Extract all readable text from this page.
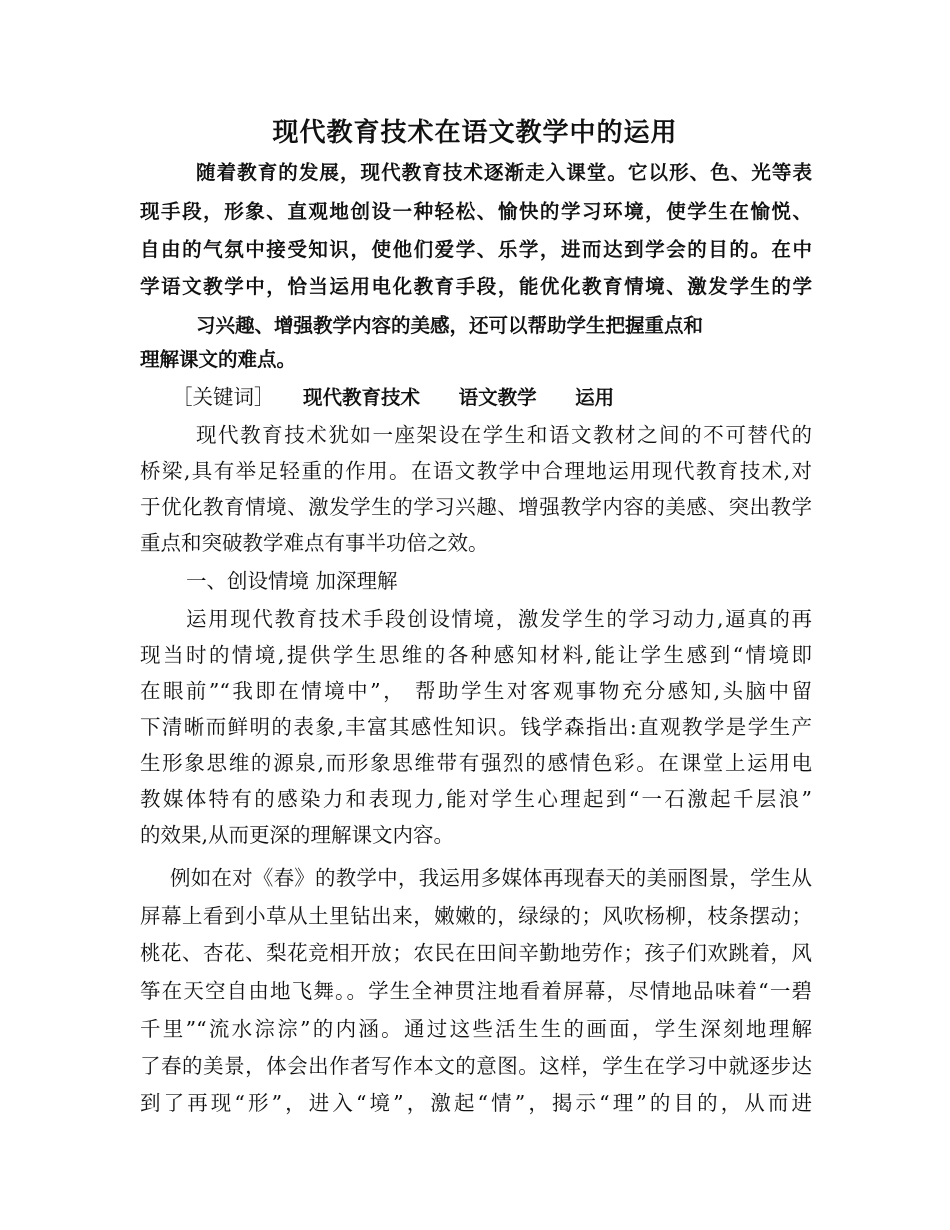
现代教育技术在语文教学中的运用
随着教育的发展，现代教育技术逐渐走入课堂。它以形、色、光等表
现手段，形象、直观地创设一种轻松、愉快的学习环境，使学生在愉悦、
自由的气氛中接受知识，使他们爱学、乐学，进而达到学会的目的。在中
学语文教学中，恰当运用电化教育手段，能优化教育情境、激发学生的学
习兴趣、增强教学内容的美感，还可以帮助学生把握重点和
理解课文的难点。
［关键词］ 现代教育技术 语文教学 运用
现代教育技术犹如一座架设在学生和语文教材之间的不可替代的
桥梁,具有举足轻重的作用。在语文教学中合理地运用现代教育技术,对
于优化教育情境、激发学生的学习兴趣、增强教学内容的美感、突出教学
重点和突破教学难点有事半功倍之效。
一、创设情境 加深理解
运用现代教育技术手段创设情境，激发学生的学习动力,逼真的再
现当时的情境,提供学生思维的各种感知材料,能让学生感到“情境即
在眼前”“我即在情境中”， 帮助学生对客观事物充分感知,头脑中留
下清晰而鲜明的表象,丰富其感性知识。钱学森指出:直观教学是学生产
生形象思维的源泉,而形象思维带有强烈的感情色彩。在课堂上运用电
教媒体特有的感染力和表现力,能对学生心理起到“一石激起千层浪”
的效果,从而更深的理解课文内容。
例如在对《春》的教学中，我运用多媒体再现春天的美丽图景，学生从
屏幕上看到小草从土里钻出来，嫩嫩的，绿绿的；风吹杨柳，枝条摆动；
桃花、杏花、梨花竞相开放；农民在田间辛勤地劳作；孩子们欢跳着，风
筝在天空自由地飞舞。。学生全神贯注地看着屏幕，尽情地品味着“一碧
千里”“流水淙淙”的内涵。通过这些活生生的画面，学生深刻地理解
了春的美景，体会出作者写作本文的意图。这样，学生在学习中就逐步达
到了再现“形”，进入“境”，激起“情”，揭示“理”的目的，从而进
